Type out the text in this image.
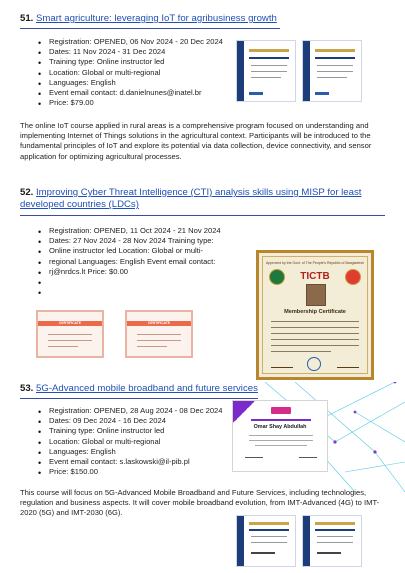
51. Smart agriculture: leveraging IoT for agribusiness growth
• Registration: OPENED, 06 Nov 2024 - 20 Dec 2024
• Dates: 11 Nov 2024 - 31 Dec 2024
• Training type: Online instructor led
• Location: Global or multi-regional
• Languages: English
• Event email contact: d.danielnunes@inatel.br
• Price: $79.00

The online IoT course applied in rural areas is a comprehensive program focused on understanding and implementing Internet of Things solutions in the agricultural context. Participants will be introduced to the fundamental principles of IoT and explore its potential via data collection, device connectivity, and sensor application for optimizing agricultural processes.

52. Improving Cyber Threat Intelligence (CTI) analysis skills using MISP for least
developed countries (LDCs)
• Registration: OPENED, 11 Oct 2024 - 21 Nov 2024
• Dates: 27 Nov 2024 - 28 Nov 2024 Training type:
• Online instructor led Location: Global or multi-
• regional Languages: English Event email contact:
• rj@nrdcs.lt Price: $0.00
•
•
CERTIFICATE	CERTIFICATE
Approved by the Govt. of The People's Republic of Bangladesh
TICTB
Membership Certificate
53. 5G-Advanced mobile broadband and future services
• Registration: OPENED, 28 Aug 2024 - 08 Dec 2024
• Dates: 09 Dec 2024 - 16 Dec 2024
• Training type: Online instructor led
• Location: Global or multi-regional
• Languages: English
• Event email contact: s.laskowski@il-pib.pl
• Price: $150.00
Omar Shay Abdullah

This course will focus on 5G-Advanced Mobile Broadband and Future Services, including technologies, regulation and business aspects. It will cover mobile broadband evolution, from IMT-Advanced (4G) to IMT-2020 (5G) and IMT-2030 (6G).
